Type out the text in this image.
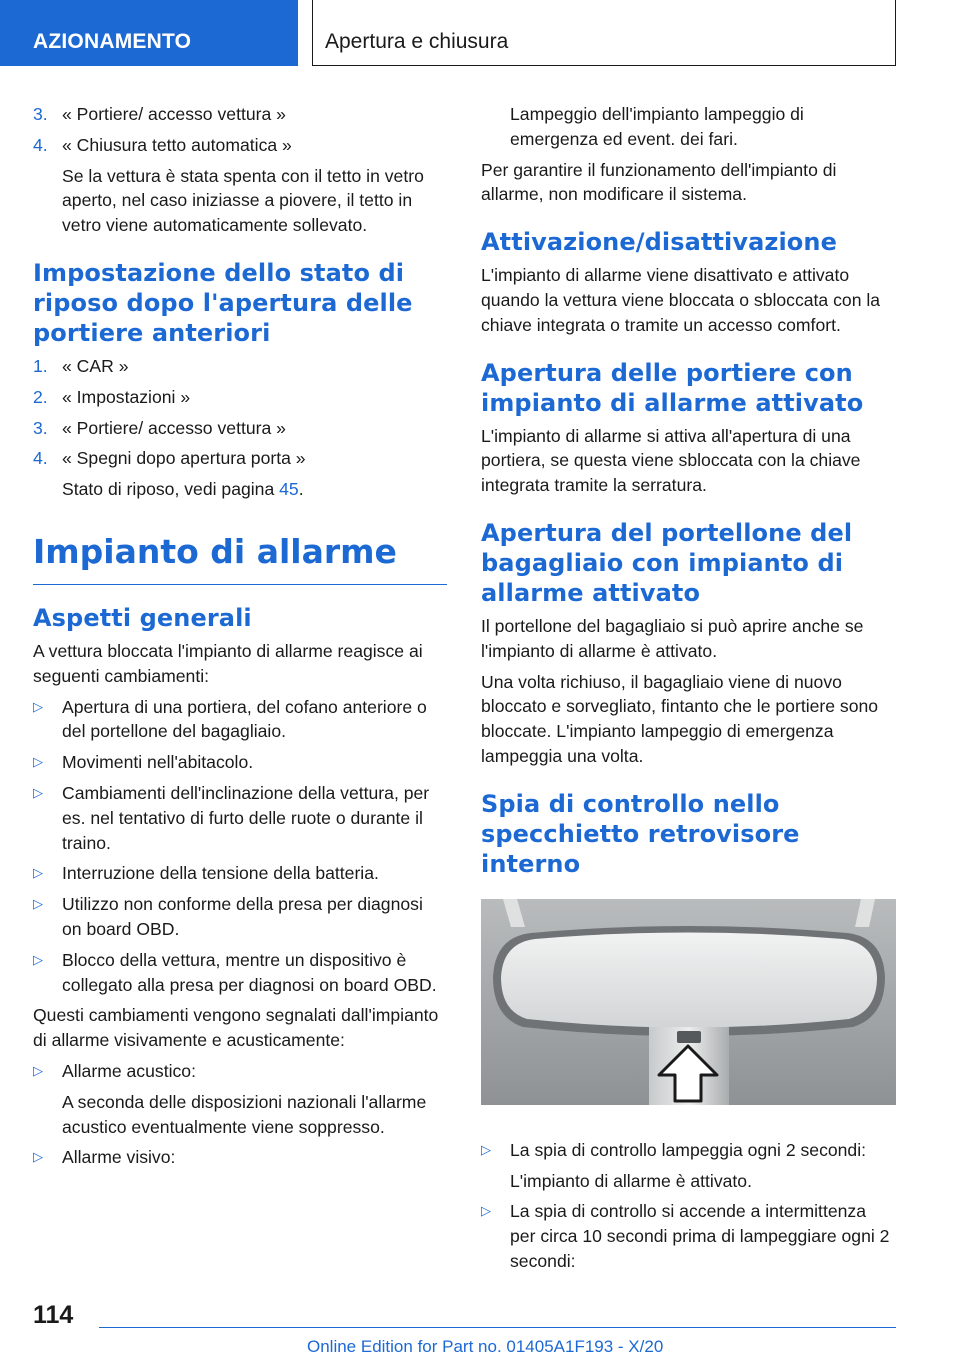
AZIONAMENTO	Apertura e chiusura
3. « Portiere/ accesso vettura »
4. « Chiusura tetto automatica »

Se la vettura è stata spenta con il tetto in vetro aperto, nel caso iniziasse a piovere, il tetto in vetro viene automaticamente sollevato.

Impostazione dello stato di riposo dopo l'apertura delle portiere anteriori
1. « CAR »
2. « Impostazioni »
3. « Portiere/ accesso vettura »
4. « Spegni dopo apertura porta »

Stato di riposo, vedi pagina 45.

Impianto di allarme
Aspetti generali

A vettura bloccata l'impianto di allarme reagisce ai seguenti cambiamenti:

▷	Apertura di una portiera, del cofano anteriore o del portellone del bagagliaio.
▷	Movimenti nell'abitacolo.
▷	Cambiamenti dell'inclinazione della vettura, per es. nel tentativo di furto delle ruote o durante il traino.
▷	Interruzione della tensione della batteria.
▷	Utilizzo non conforme della presa per diagnosi on board OBD.
▷	Blocco della vettura, mentre un dispositivo è collegato alla presa per diagnosi on board OBD.

Questi cambiamenti vengono segnalati dall'impianto di allarme visivamente e acusticamente:

▷	Allarme acustico:

A seconda delle disposizioni nazionali l'allarme acustico eventualmente viene soppresso.

▷	Allarme visivo:

Lampeggio dell'impianto lampeggio di emergenza ed event. dei fari.

Per garantire il funzionamento dell'impianto di allarme, non modificare il sistema.

Attivazione/disattivazione

L'impianto di allarme viene disattivato e attivato quando la vettura viene bloccata o sbloccata con la chiave integrata o tramite un accesso comfort.

Apertura delle portiere con impianto di allarme attivato

L'impianto di allarme si attiva all'apertura di una portiera, se questa viene sbloccata con la chiave integrata tramite la serratura.

Apertura del portellone del bagagliaio con impianto di allarme attivato

Il portellone del bagagliaio si può aprire anche se l'impianto di allarme è attivato.

Una volta richiuso, il bagagliaio viene di nuovo bloccato e sorvegliato, fintanto che le portiere sono bloccate. L'impianto lampeggio di emergenza lampeggia una volta.

Spia di controllo nello specchietto retrovisore interno
▷	La spia di controllo lampeggia ogni 2 secondi:

L'impianto di allarme è attivato.

▷	La spia di controllo si accende a intermittenza per circa 10 secondi prima di lampeggiare ogni 2 secondi:
114
Online Edition for Part no. 01405A1F193 - X/20
